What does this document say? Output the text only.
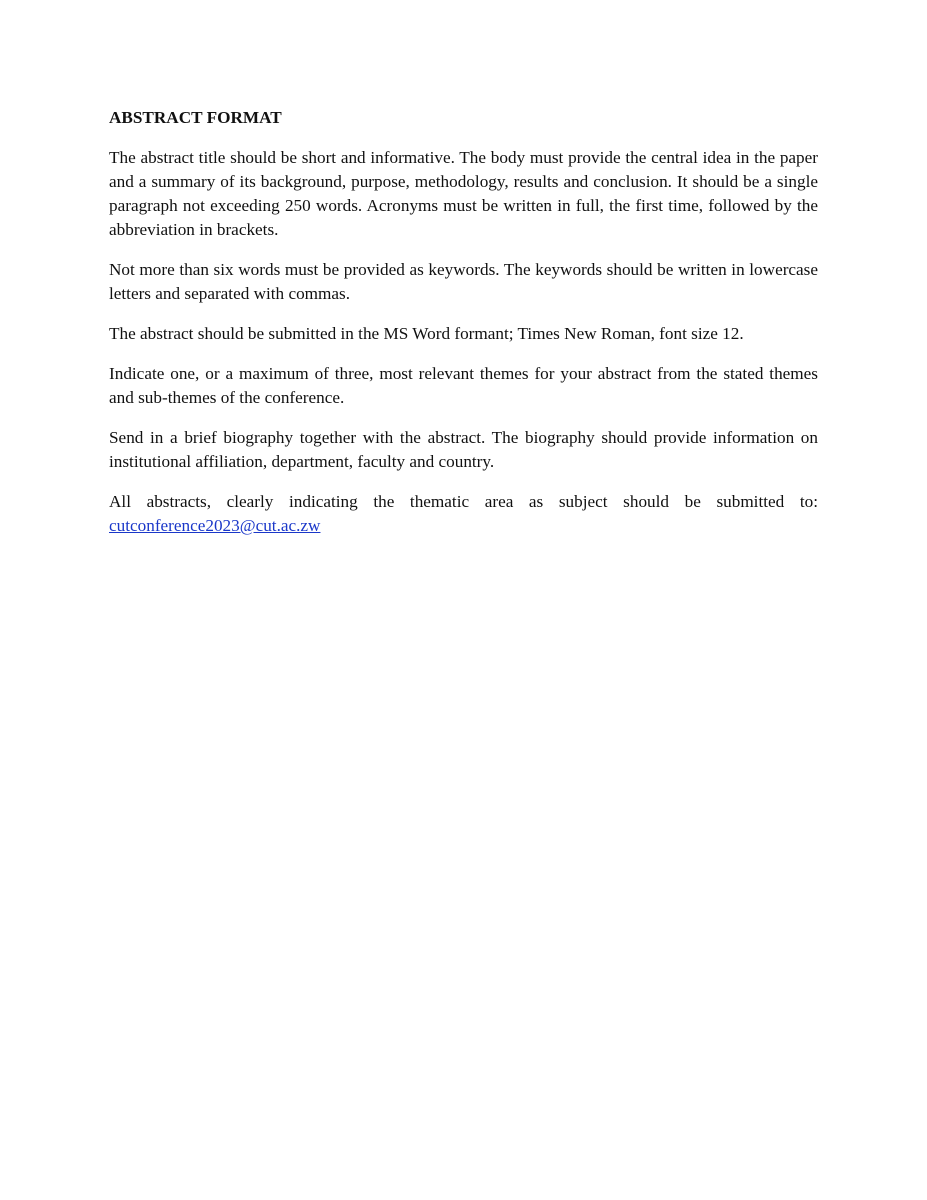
ABSTRACT FORMAT

The abstract title should be short and informative. The body must provide the central idea in the paper and a summary of its background, purpose, methodology, results and conclusion. It should be a single paragraph not exceeding 250 words. Acronyms must be written in full, the first time, followed by the abbreviation in brackets.

Not more than six words must be provided as keywords. The keywords should be written in lowercase letters and separated with commas.

The abstract should be submitted in the MS Word formant; Times New Roman, font size 12.

Indicate one, or a maximum of three, most relevant themes for your abstract from the stated themes and sub-themes of the conference.

Send in a brief biography together with the abstract. The biography should provide information on institutional affiliation, department, faculty and country.

All abstracts, clearly indicating the thematic area as subject should be submitted to: cutconference2023@cut.ac.zw
